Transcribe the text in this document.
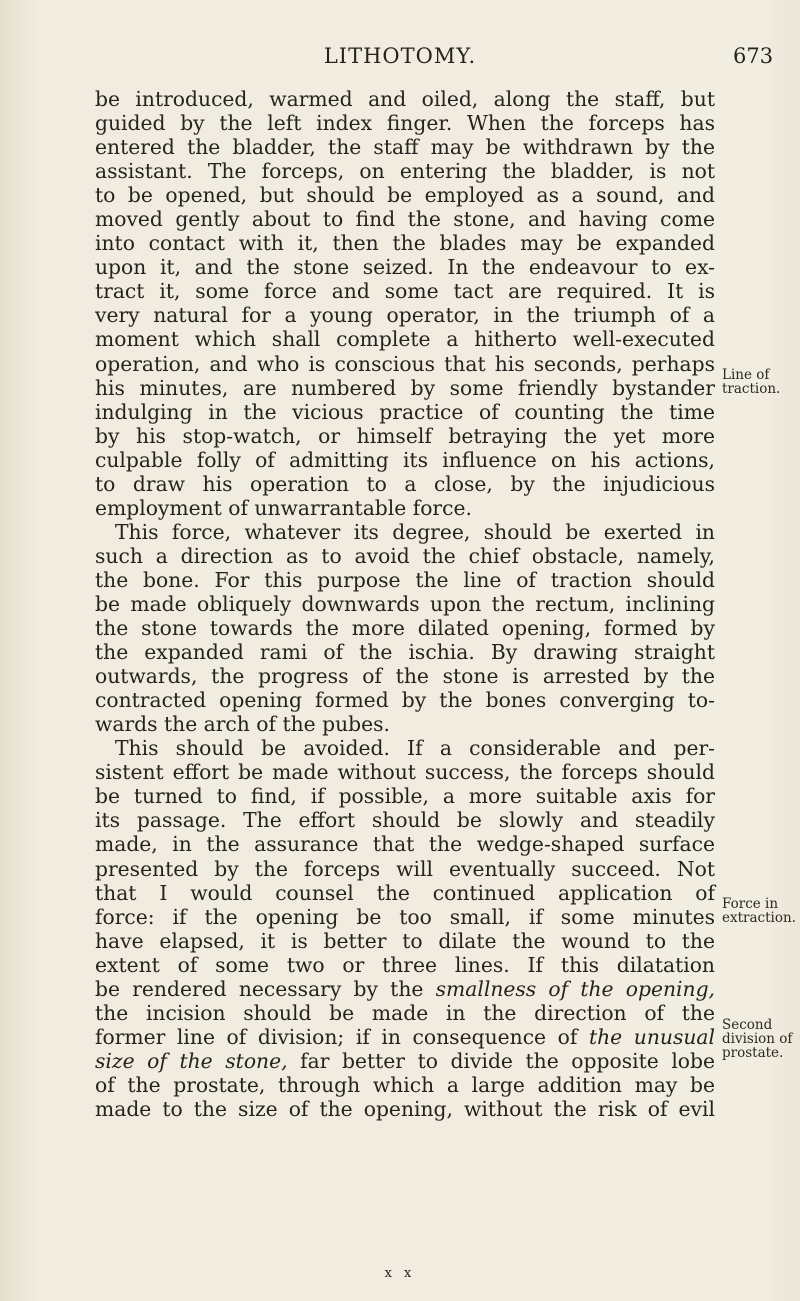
LITHOTOMY.	673
be introduced, warmed and oiled, along the staff, but
guided by the left index finger. When the forceps has
entered the bladder, the staff may be withdrawn by the
assistant. The forceps, on entering the bladder, is not
to be opened, but should be employed as a sound, and
moved gently about to find the stone, and having come
into contact with it, then the blades may be expanded
upon it, and the stone seized. In the endeavour to ex-
tract it, some force and some tact are required. It is
very natural for a young operator, in the triumph of a
moment which shall complete a hitherto well-executed
operation, and who is conscious that his seconds, perhaps
his minutes, are numbered by some friendly bystander
indulging in the vicious practice of counting the time
by his stop-watch, or himself betraying the yet more
culpable folly of admitting its influence on his actions,
to draw his operation to a close, by the injudicious
employment of unwarrantable force.
This force, whatever its degree, should be exerted in
such a direction as to avoid the chief obstacle, namely,
the bone. For this purpose the line of traction should
be made obliquely downwards upon the rectum, inclining
the stone towards the more dilated opening, formed by
the expanded rami of the ischia. By drawing straight
outwards, the progress of the stone is arrested by the
contracted opening formed by the bones converging to-
wards the arch of the pubes.
This should be avoided. If a considerable and per-
sistent effort be made without success, the forceps should
be turned to find, if possible, a more suitable axis for
its passage. The effort should be slowly and steadily
made, in the assurance that the wedge-shaped surface
presented by the forceps will eventually succeed. Not
that I would counsel the continued application of
force: if the opening be too small, if some minutes
have elapsed, it is better to dilate the wound to the
extent of some two or three lines. If this dilatation
be rendered necessary by the smallness of the opening,
the incision should be made in the direction of the
former line of division; if in consequence of the unusual
size of the stone, far better to divide the opposite lobe
of the prostate, through which a large addition may be
made to the size of the opening, without the risk of evil
Line of
traction.
Force in
extraction.
Second
division of
prostate.
x x
